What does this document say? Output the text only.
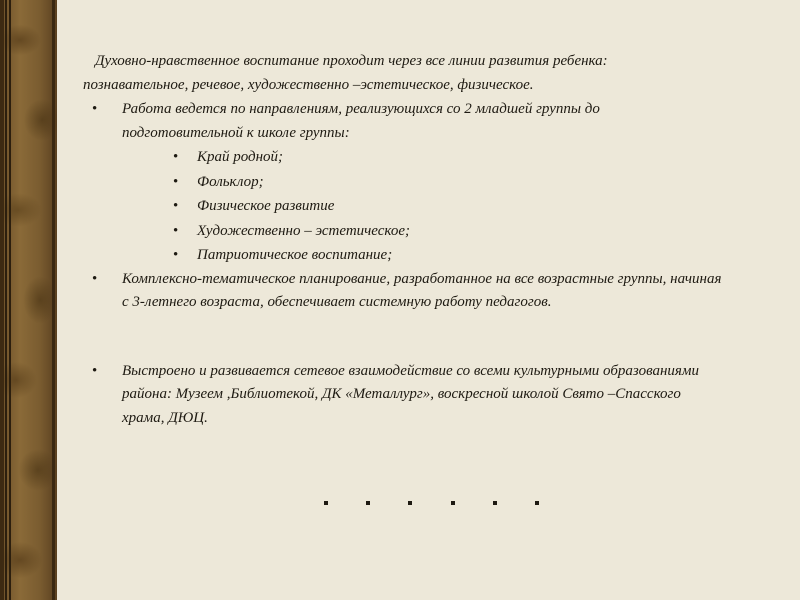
Духовно-нравственное воспитание проходит через все линии развития ребенка:

познавательное, речевое, художественно –эстетическое, физическое.

• Работа ведется по направлениям, реализующихся со 2 младшей группы до подготовительной к школе группы:
• Край родной;
• Фольклор;
• Физическое развитие
• Художественно – эстетическое;
• Патриотическое воспитание;
• Комплексно-тематическое планирование, разработанное на все возрастные группы, начиная с 3-летнего возраста, обеспечивает системную работу педагогов.
• Выстроено и развивается сетевое взаимодействие со всеми культурными образованиями района: Музеем ,Библиотекой, ДК «Металлург», воскресной школой Свято –Спасского храма, ДЮЦ.
